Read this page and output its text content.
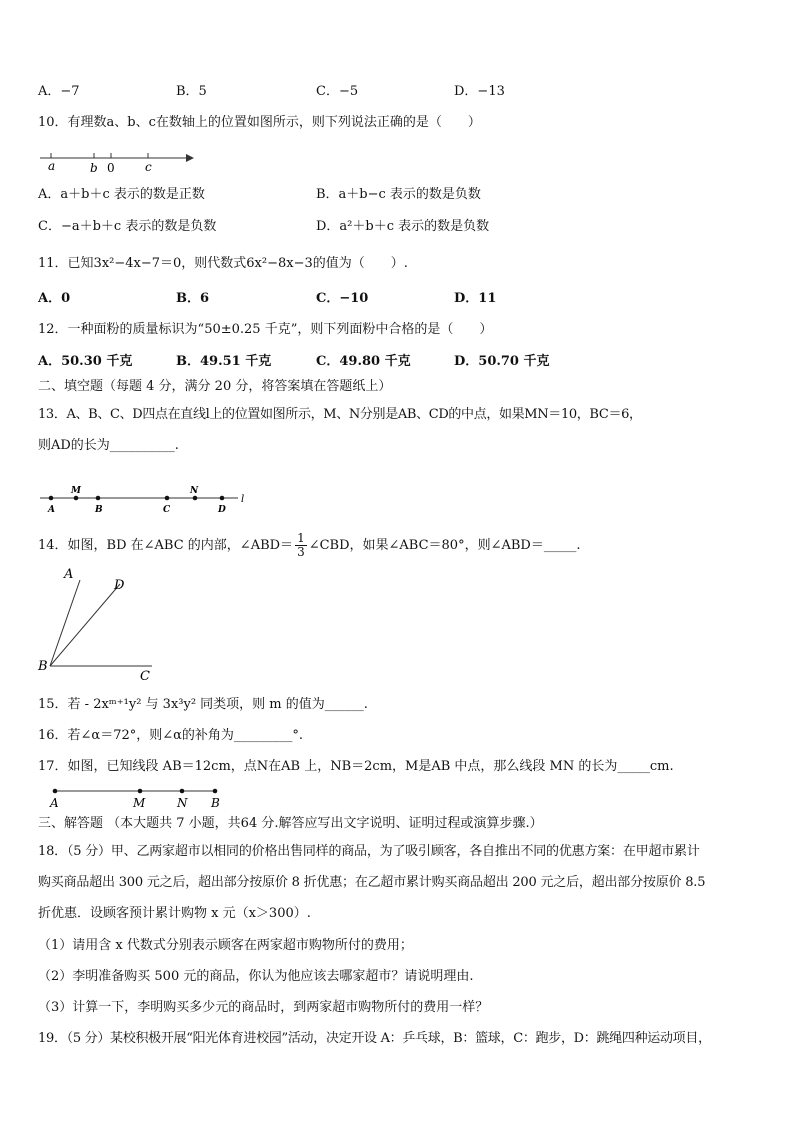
A．−7	B．5	C．−5	D．−13
10．有理数a、b、c在数轴上的位置如图所示，则下列说法正确的是（　　）
a	b 0	c
A．a＋b＋c 表示的数是正数	B．a＋b−c 表示的数是负数
C．−a＋b＋c 表示的数是负数	D．a²＋b＋c 表示的数是负数
11．已知3x²−4x−7＝0，则代数式6x²−8x−3的值为（　　）.
A．0	B．6	C．−10	D．11
12．一种面粉的质量标识为“50±0.25 千克”，则下列面粉中合格的是（　　）
A．50.30 千克	B．49.51 千克	C．49.80 千克	D．50.70 千克
二、填空题（每题 4 分，满分 20 分，将答案填在答题纸上）
13．A、B、C、D四点在直线l上的位置如图所示，M、N分别是AB、CD的中点，如果MN＝10，BC＝6，
则AD的长为__________.
M	N
A	B	C	D
l
14．如图，BD 在∠ABC 的内部，∠ABD＝ $\frac{1}{3}$ ∠CBD，如果∠ABC＝80°，则∠ABD＝_____.
A
D
B
C
15．若 - 2xᵐ⁺¹y² 与 3x³y² 同类项，则 m 的值为______.
16．若∠α＝72°，则∠α的补角为_________°.
17．如图，已知线段 AB＝12cm，点N在AB 上，NB＝2cm，M是AB 中点，那么线段 MN 的长为_____cm.
A	M	N B
三、解答题 （本大题共 7 小题，共64 分.解答应写出文字说明、证明过程或演算步骤.）
18．（5 分）甲、乙两家超市以相同的价格出售同样的商品，为了吸引顾客，各自推出不同的优惠方案：在甲超市累计
购买商品超出 300 元之后，超出部分按原价 8 折优惠；在乙超市累计购买商品超出 200 元之后，超出部分按原价 8.5
折优惠．设顾客预计累计购物 x 元（x＞300）.
（1）请用含 x 代数式分别表示顾客在两家超市购物所付的费用；
（2）李明准备购买 500 元的商品，你认为他应该去哪家超市？请说明理由.
（3）计算一下，李明购买多少元的商品时，到两家超市购物所付的费用一样？
19．（5 分）某校积极开展“阳光体育进校园”活动，决定开设 A：乒乓球，B：篮球，C：跑步，D：跳绳四种运动项目，
